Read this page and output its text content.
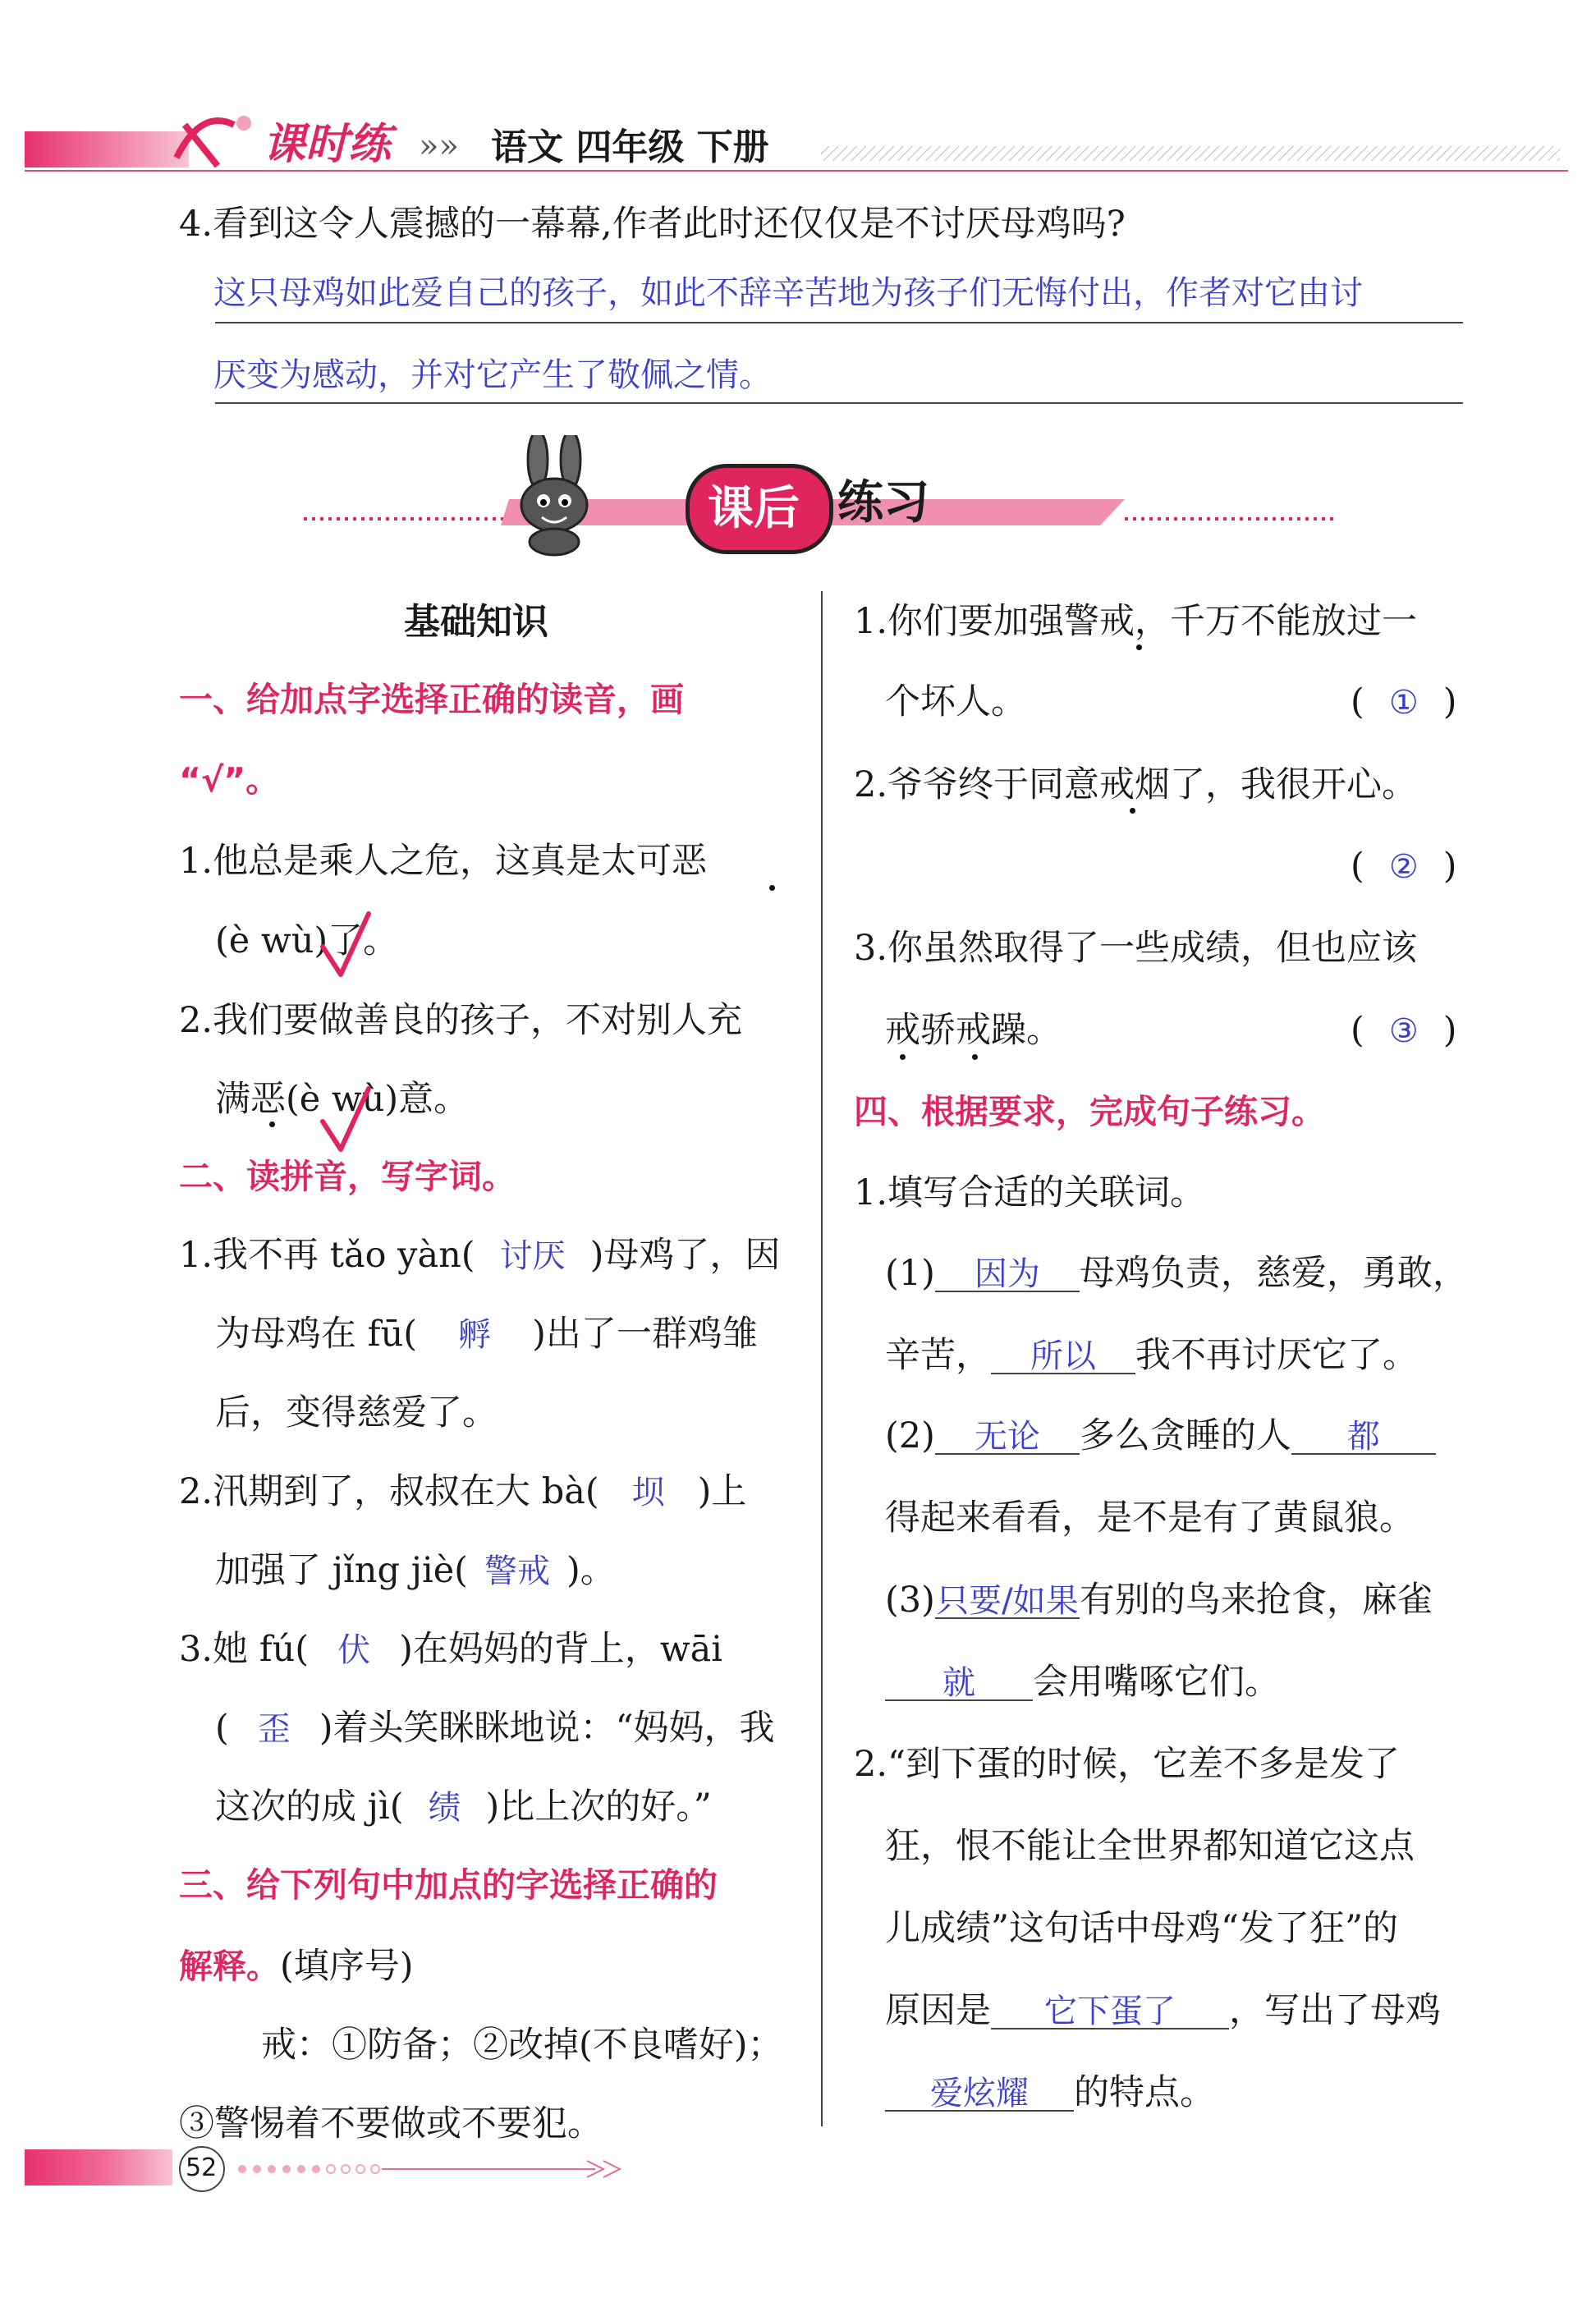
课时练 »» 语文 四年级 下册
4.看到这令人震撼的一幕幕,作者此时还仅仅是不讨厌母鸡吗?
这只母鸡如此爱自己的孩子，如此不辞辛苦地为孩子们无悔付出，作者对它由讨
厌变为感动，并对它产生了敬佩之情。
课后 练习
基础知识
一、给加点字选择正确的读音，画
“√”。
1.他总是乘人之危，这真是太可恶
(è wù)了。
2.我们要做善良的孩子，不对别人充
满恶(è wù)意。
二、读拼音，写字词。
1.我不再 tǎo yàn( 讨厌 )母鸡了，因
为母鸡在 fū( 孵 )出了一群鸡雏
后，变得慈爱了。
2.汛期到了，叔叔在大 bà( 坝 )上
加强了 jǐng jiè( 警戒 )。
3.她 fú( 伏 )在妈妈的背上，wāi
( 歪 )着头笑眯眯地说：“妈妈，我
这次的成 jì( 绩 )比上次的好。”
三、给下列句中加点的字选择正确的
解释。(填序号)
戒：①防备；②改掉(不良嗜好)；
③警惕着不要做或不要犯。
1.你们要加强警戒，千万不能放过一
个坏人。	( ① )
2.爷爷终于同意戒烟了，我很开心。
( ② )
3.你虽然取得了一些成绩，但也应该
戒骄戒躁。	( ③ )
四、根据要求，完成句子练习。
1.填写合适的关联词。
(1) 因为 母鸡负责，慈爱，勇敢，
辛苦， 所以 我不再讨厌它了。
(2) 无论 多么贪睡的人 都
得起来看看，是不是有了黄鼠狼。
(3)只要/如果有别的鸟来抢食，麻雀
就 会用嘴啄它们。
2.“到下蛋的时候，它差不多是发了
狂，恨不能让全世界都知道它这点
儿成绩”这句话中母鸡“发了狂”的
原因是 它下蛋了 ，写出了母鸡
爱炫耀 的特点。
52
